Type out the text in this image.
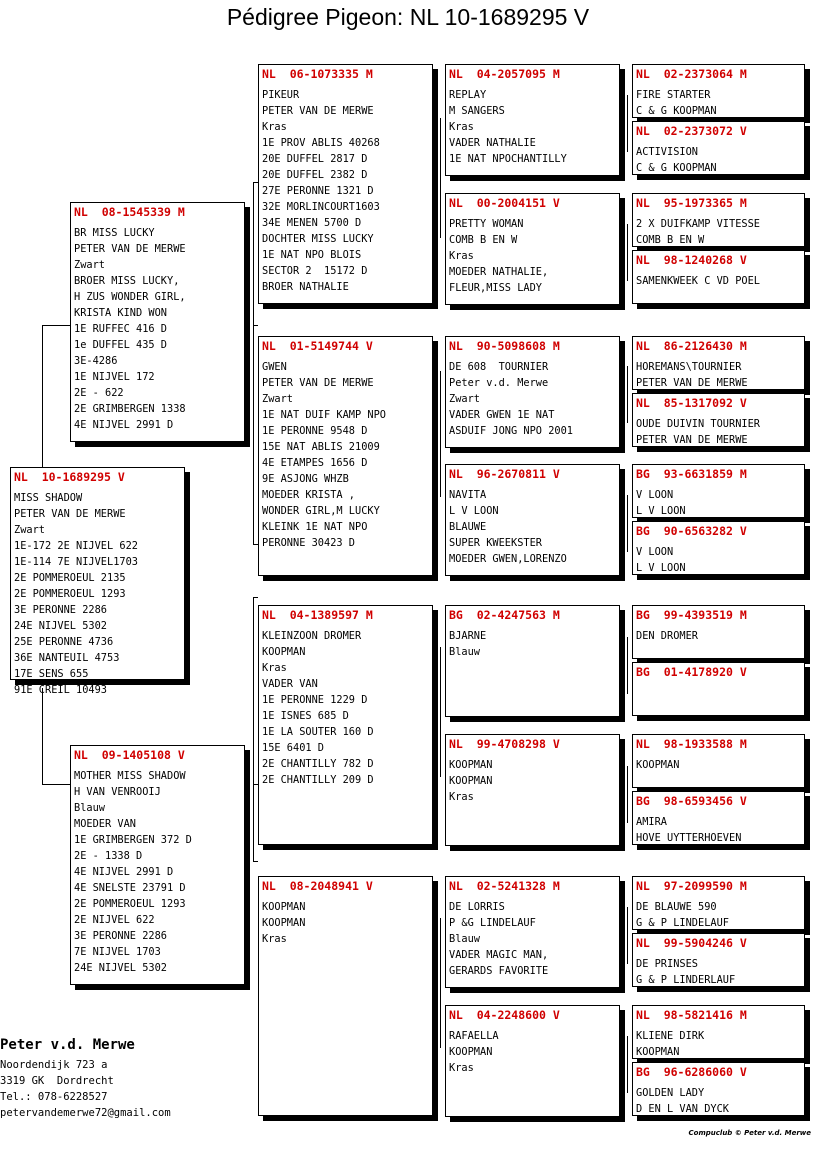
Pédigree Pigeon: NL 10-1689295 V
NL  10-1689295 V
MISS SHADOW
PETER VAN DE MERWE
Zwart
1E-172 2E NIJVEL 622
1E-114 7E NIJVEL1703
2E POMMEROEUL 2135
2E POMMEROEUL 1293
3E PERONNE 2286
24E NIJVEL 5302
25E PERONNE 4736
36E NANTEUIL 4753
17E SENS 655
91E CREIL 10493
NL  08-1545339 M
BR MISS LUCKY
PETER VAN DE MERWE
Zwart
BROER MISS LUCKY,
H ZUS WONDER GIRL,
KRISTA KIND WON
1E RUFFEC 416 D
1e DUFFEL 435 D
3E-4286
1E NIJVEL 172
2E - 622
2E GRIMBERGEN 1338
4E NIJVEL 2991 D
NL  09-1405108 V
MOTHER MISS SHADOW
H VAN VENROOIJ
Blauw
MOEDER VAN
1E GRIMBERGEN 372 D
2E - 1338 D
4E NIJVEL 2991 D
4E SNELSTE 23791 D
2E POMMEROEUL 1293
2E NIJVEL 622
3E PERONNE 2286
7E NIJVEL 1703
24E NIJVEL 5302
NL  06-1073335 M
PIKEUR
PETER VAN DE MERWE
Kras
1E PROV ABLIS 40268
20E DUFFEL 2817 D
20E DUFFEL 2382 D
27E PERONNE 1321 D
32E MORLINCOURT1603
34E MENEN 5700 D
DOCHTER MISS LUCKY
1E NAT NPO BLOIS
SECTOR 2  15172 D
BROER NATHALIE
NL  01-5149744 V
GWEN
PETER VAN DE MERWE
Zwart
1E NAT DUIF KAMP NPO
1E PERONNE 9548 D
15E NAT ABLIS 21009
4E ETAMPES 1656 D
9E ASJONG WHZB
MOEDER KRISTA ,
WONDER GIRL,M LUCKY
KLEINK 1E NAT NPO
PERONNE 30423 D
NL  04-1389597 M
KLEINZOON DROMER
KOOPMAN
Kras
VADER VAN
1E PERONNE 1229 D
1E ISNES 685 D
1E LA SOUTER 160 D
15E 6401 D
2E CHANTILLY 782 D
2E CHANTILLY 209 D
NL  08-2048941 V
KOOPMAN
KOOPMAN
Kras
NL  04-2057095 M
REPLAY
M SANGERS
Kras
VADER NATHALIE
1E NAT NPOCHANTILLY
NL  00-2004151 V
PRETTY WOMAN
COMB B EN W
Kras
MOEDER NATHALIE,
FLEUR,MISS LADY
NL  90-5098608 M
DE 608  TOURNIER
Peter v.d. Merwe
Zwart
VADER GWEN 1E NAT
ASDUIF JONG NPO 2001
NL  96-2670811 V
NAVITA
L V LOON
BLAUWE
SUPER KWEEKSTER
MOEDER GWEN,LORENZO
BG  02-4247563 M
BJARNE
Blauw
NL  99-4708298 V
KOOPMAN
KOOPMAN
Kras
NL  02-5241328 M
DE LORRIS
P &G LINDELAUF
Blauw
VADER MAGIC MAN,
GERARDS FAVORITE
NL  04-2248600 V
RAFAELLA
KOOPMAN
Kras
NL  02-2373064 M
FIRE STARTER
C & G KOOPMAN
NL  02-2373072 V
ACTIVISION
C & G KOOPMAN
NL  95-1973365 M
2 X DUIFKAMP VITESSE
COMB B EN W
NL  98-1240268 V
SAMENKWEEK C VD POEL
NL  86-2126430 M
HOREMANS\TOURNIER
PETER VAN DE MERWE
NL  85-1317092 V
OUDE DUIVIN TOURNIER
PETER VAN DE MERWE
BG  93-6631859 M
V LOON
L V LOON
BG  90-6563282 V
V LOON
L V LOON
BG  99-4393519 M
DEN DROMER
BG  01-4178920 V
NL  98-1933588 M
KOOPMAN
BG  98-6593456 V
AMIRA
HOVE UYTTERHOEVEN
NL  97-2099590 M
DE BLAUWE 590
G & P LINDELAUF
NL  99-5904246 V
DE PRINSES
G & P LINDERLAUF
NL  98-5821416 M
KLIENE DIRK
KOOPMAN
BG  96-6286060 V
GOLDEN LADY
D EN L VAN DYCK
Peter v.d. Merwe
Noordendijk 723 a
3319 GK  Dordrecht
Tel.: 078-6228527
petervandemerwe72@gmail.com
Compuclub © Peter v.d. Merwe
